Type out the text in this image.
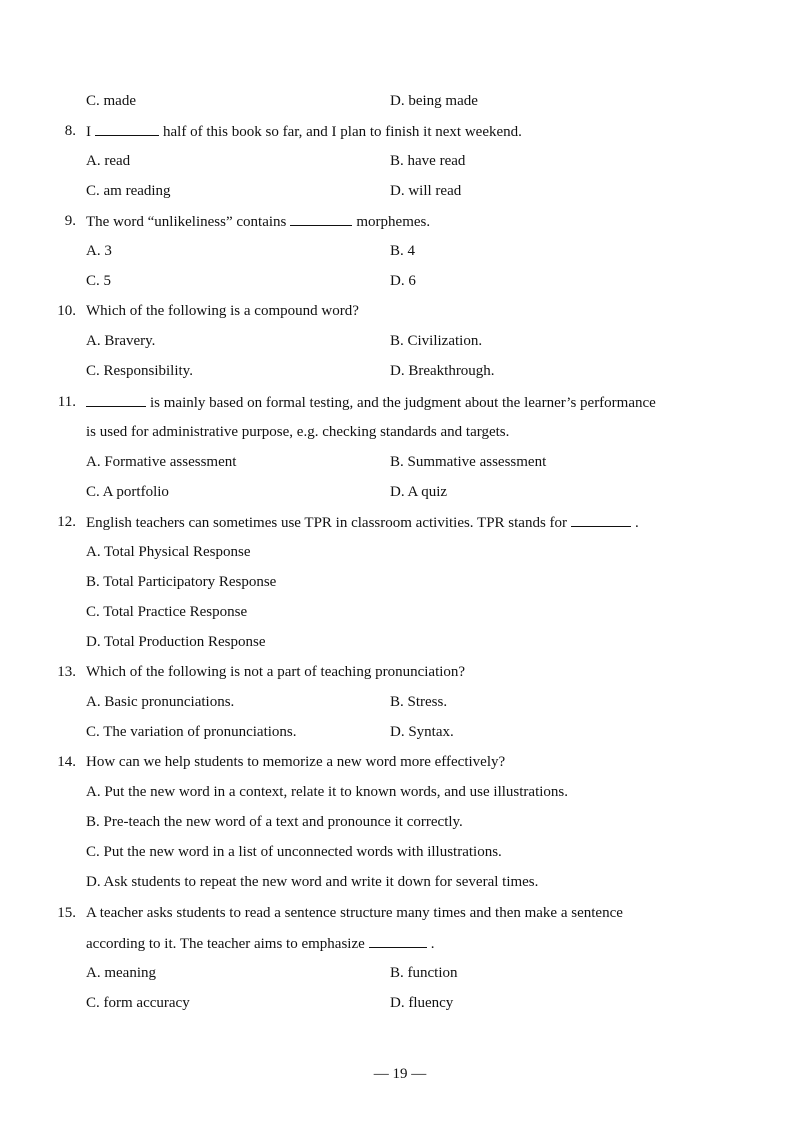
C. made	D. being made
8. I	half of this book so far, and I plan to finish it next weekend.
A. read	B. have read
C. am reading	D. will read
9. The word “unlikeliness” contains	morphemes.
A. 3	B. 4
C. 5	D. 6
10. Which of the following is a compound word?
A. Bravery.	B. Civilization.
C. Responsibility.	D. Breakthrough.
11.	is mainly based on formal testing, and the judgment about the learner’s performance
is used for administrative purpose, e.g. checking standards and targets.
A. Formative assessment	B. Summative assessment
C. A portfolio	D. A quiz
12. English teachers can sometimes use TPR in classroom activities. TPR stands for	.
A. Total Physical Response
B. Total Participatory Response
C. Total Practice Response
D. Total Production Response
13. Which of the following is not a part of teaching pronunciation?
A. Basic pronunciations.	B. Stress.
C. The variation of pronunciations.	D. Syntax.
14. How can we help students to memorize a new word more effectively?
A. Put the new word in a context, relate it to known words, and use illustrations.
B. Pre-teach the new word of a text and pronounce it correctly.
C. Put the new word in a list of unconnected words with illustrations.
D. Ask students to repeat the new word and write it down for several times.
15. A teacher asks students to read a sentence structure many times and then make a sentence
according to it. The teacher aims to emphasize	.
A. meaning	B. function
C. form accuracy	D. fluency
— 19 —
